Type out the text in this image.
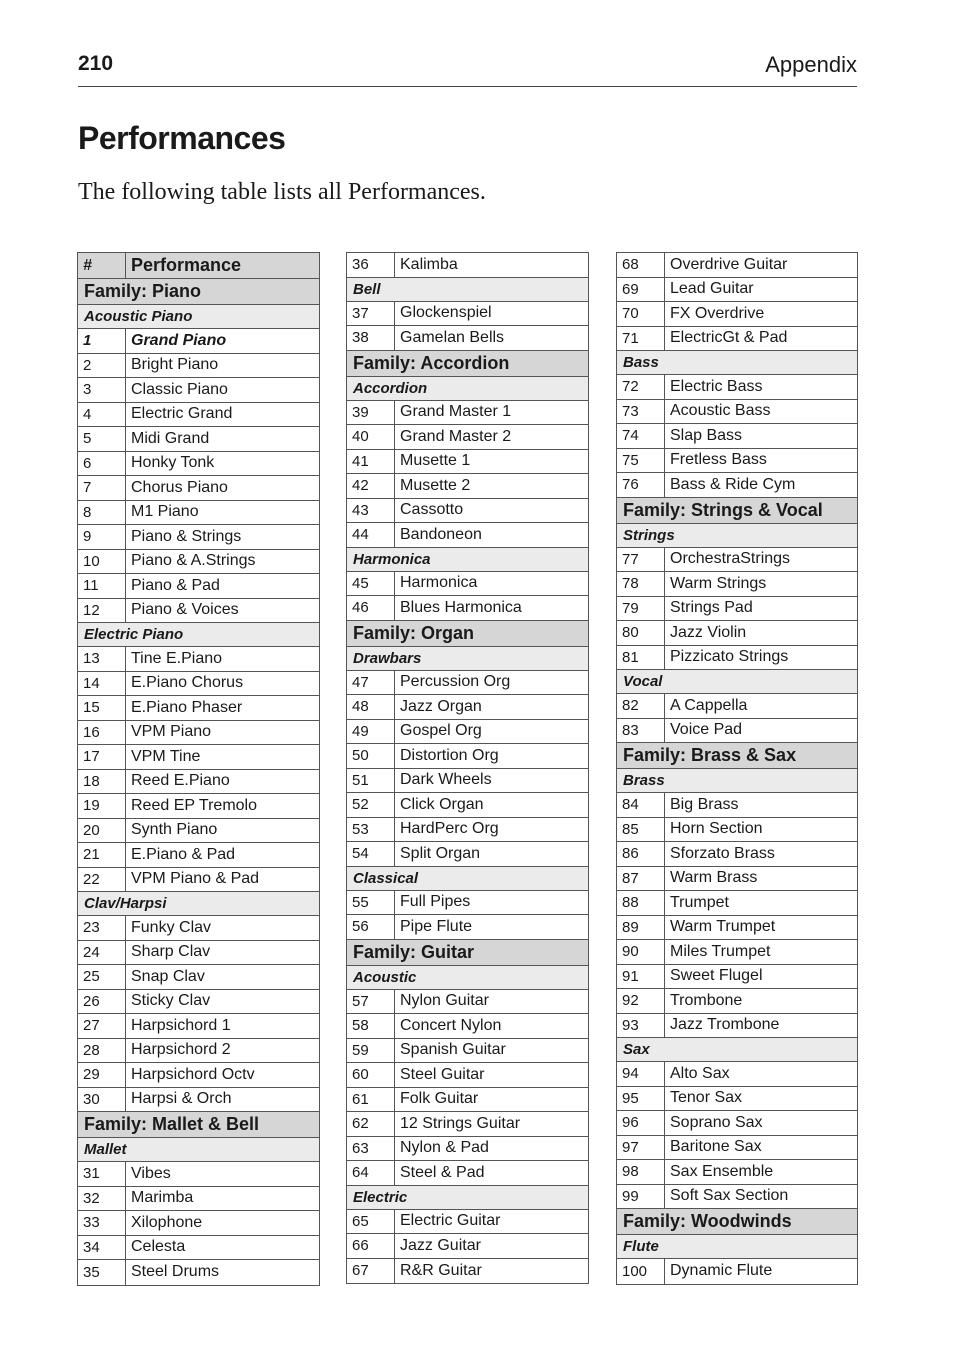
210	Appendix
Performances

The following table lists all Performances.

#	Performance
Family: Piano
Acoustic Piano
1	Grand Piano
2	Bright Piano
3	Classic Piano
4	Electric Grand
5	Midi Grand
6	Honky Tonk
7	Chorus Piano
8	M1 Piano
9	Piano & Strings
10	Piano & A.Strings
11	Piano & Pad
12	Piano & Voices
Electric Piano
13	Tine E.Piano
14	E.Piano Chorus
15	E.Piano Phaser
16	VPM Piano
17	VPM Tine
18	Reed E.Piano
19	Reed EP Tremolo
20	Synth Piano
21	E.Piano & Pad
22	VPM Piano & Pad
Clav/Harpsi
23	Funky Clav
24	Sharp Clav
25	Snap Clav
26	Sticky Clav
27	Harpsichord 1
28	Harpsichord 2
29	Harpsichord Octv
30	Harpsi & Orch
Family: Mallet & Bell
Mallet
31	Vibes
32	Marimba
33	Xilophone
34	Celesta
35	Steel Drums
36	Kalimba
Bell
37	Glockenspiel
38	Gamelan Bells
Family: Accordion
Accordion
39	Grand Master 1
40	Grand Master 2
41	Musette 1
42	Musette 2
43	Cassotto
44	Bandoneon
Harmonica
45	Harmonica
46	Blues Harmonica
Family: Organ
Drawbars
47	Percussion Org
48	Jazz Organ
49	Gospel Org
50	Distortion Org
51	Dark Wheels
52	Click Organ
53	HardPerc Org
54	Split Organ
Classical
55	Full Pipes
56	Pipe Flute
Family: Guitar
Acoustic
57	Nylon Guitar
58	Concert Nylon
59	Spanish Guitar
60	Steel Guitar
61	Folk Guitar
62	12 Strings Guitar
63	Nylon & Pad
64	Steel & Pad
Electric
65	Electric Guitar
66	Jazz Guitar
67	R&R Guitar
68	Overdrive Guitar
69	Lead Guitar
70	FX Overdrive
71	ElectricGt & Pad
Bass
72	Electric Bass
73	Acoustic Bass
74	Slap Bass
75	Fretless Bass
76	Bass & Ride Cym
Family: Strings & Vocal
Strings
77	OrchestraStrings
78	Warm Strings
79	Strings Pad
80	Jazz Violin
81	Pizzicato Strings
Vocal
82	A Cappella
83	Voice Pad
Family: Brass & Sax
Brass
84	Big Brass
85	Horn Section
86	Sforzato Brass
87	Warm Brass
88	Trumpet
89	Warm Trumpet
90	Miles Trumpet
91	Sweet Flugel
92	Trombone
93	Jazz Trombone
Sax
94	Alto Sax
95	Tenor Sax
96	Soprano Sax
97	Baritone Sax
98	Sax Ensemble
99	Soft Sax Section
Family: Woodwinds
Flute
100	Dynamic Flute
